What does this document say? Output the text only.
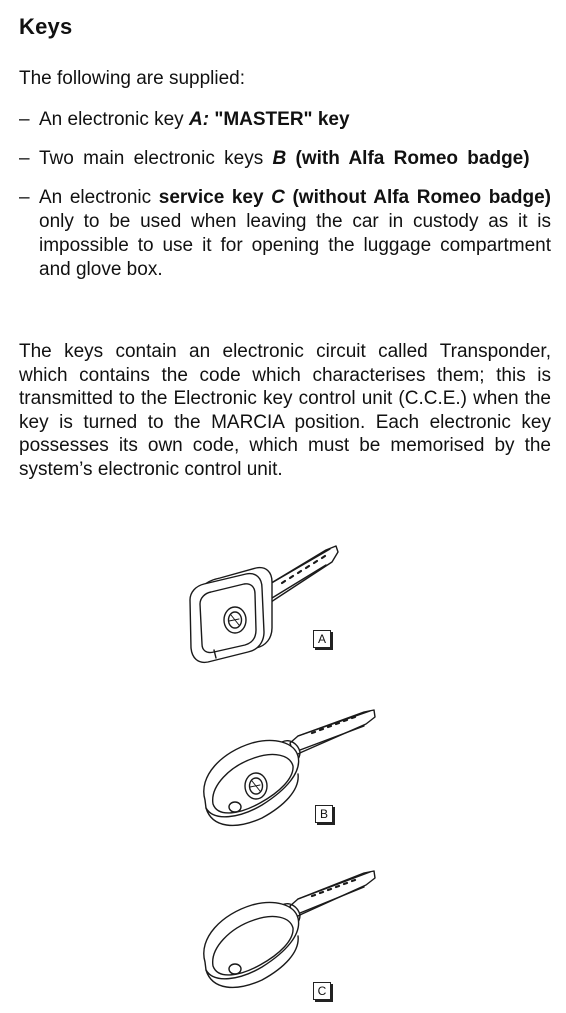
Keys
The following are supplied:
– An electronic key A: "MASTER" key
– Two main electronic keys B (with Alfa Romeo badge)
– An electronic service key C (without Alfa Romeo badge) only to be used when leaving the car in custody as it is impossible to use it for opening the luggage compartment and glove box.

The keys contain an electronic circuit called Transponder, which contains the code which characterises them; this is transmitted to the Electronic key control unit (C.C.E.) when the key is turned to the MARCIA position. Each electronic key possesses its own code, which must be memorised by the system’s electronic control unit.

A
B
C
